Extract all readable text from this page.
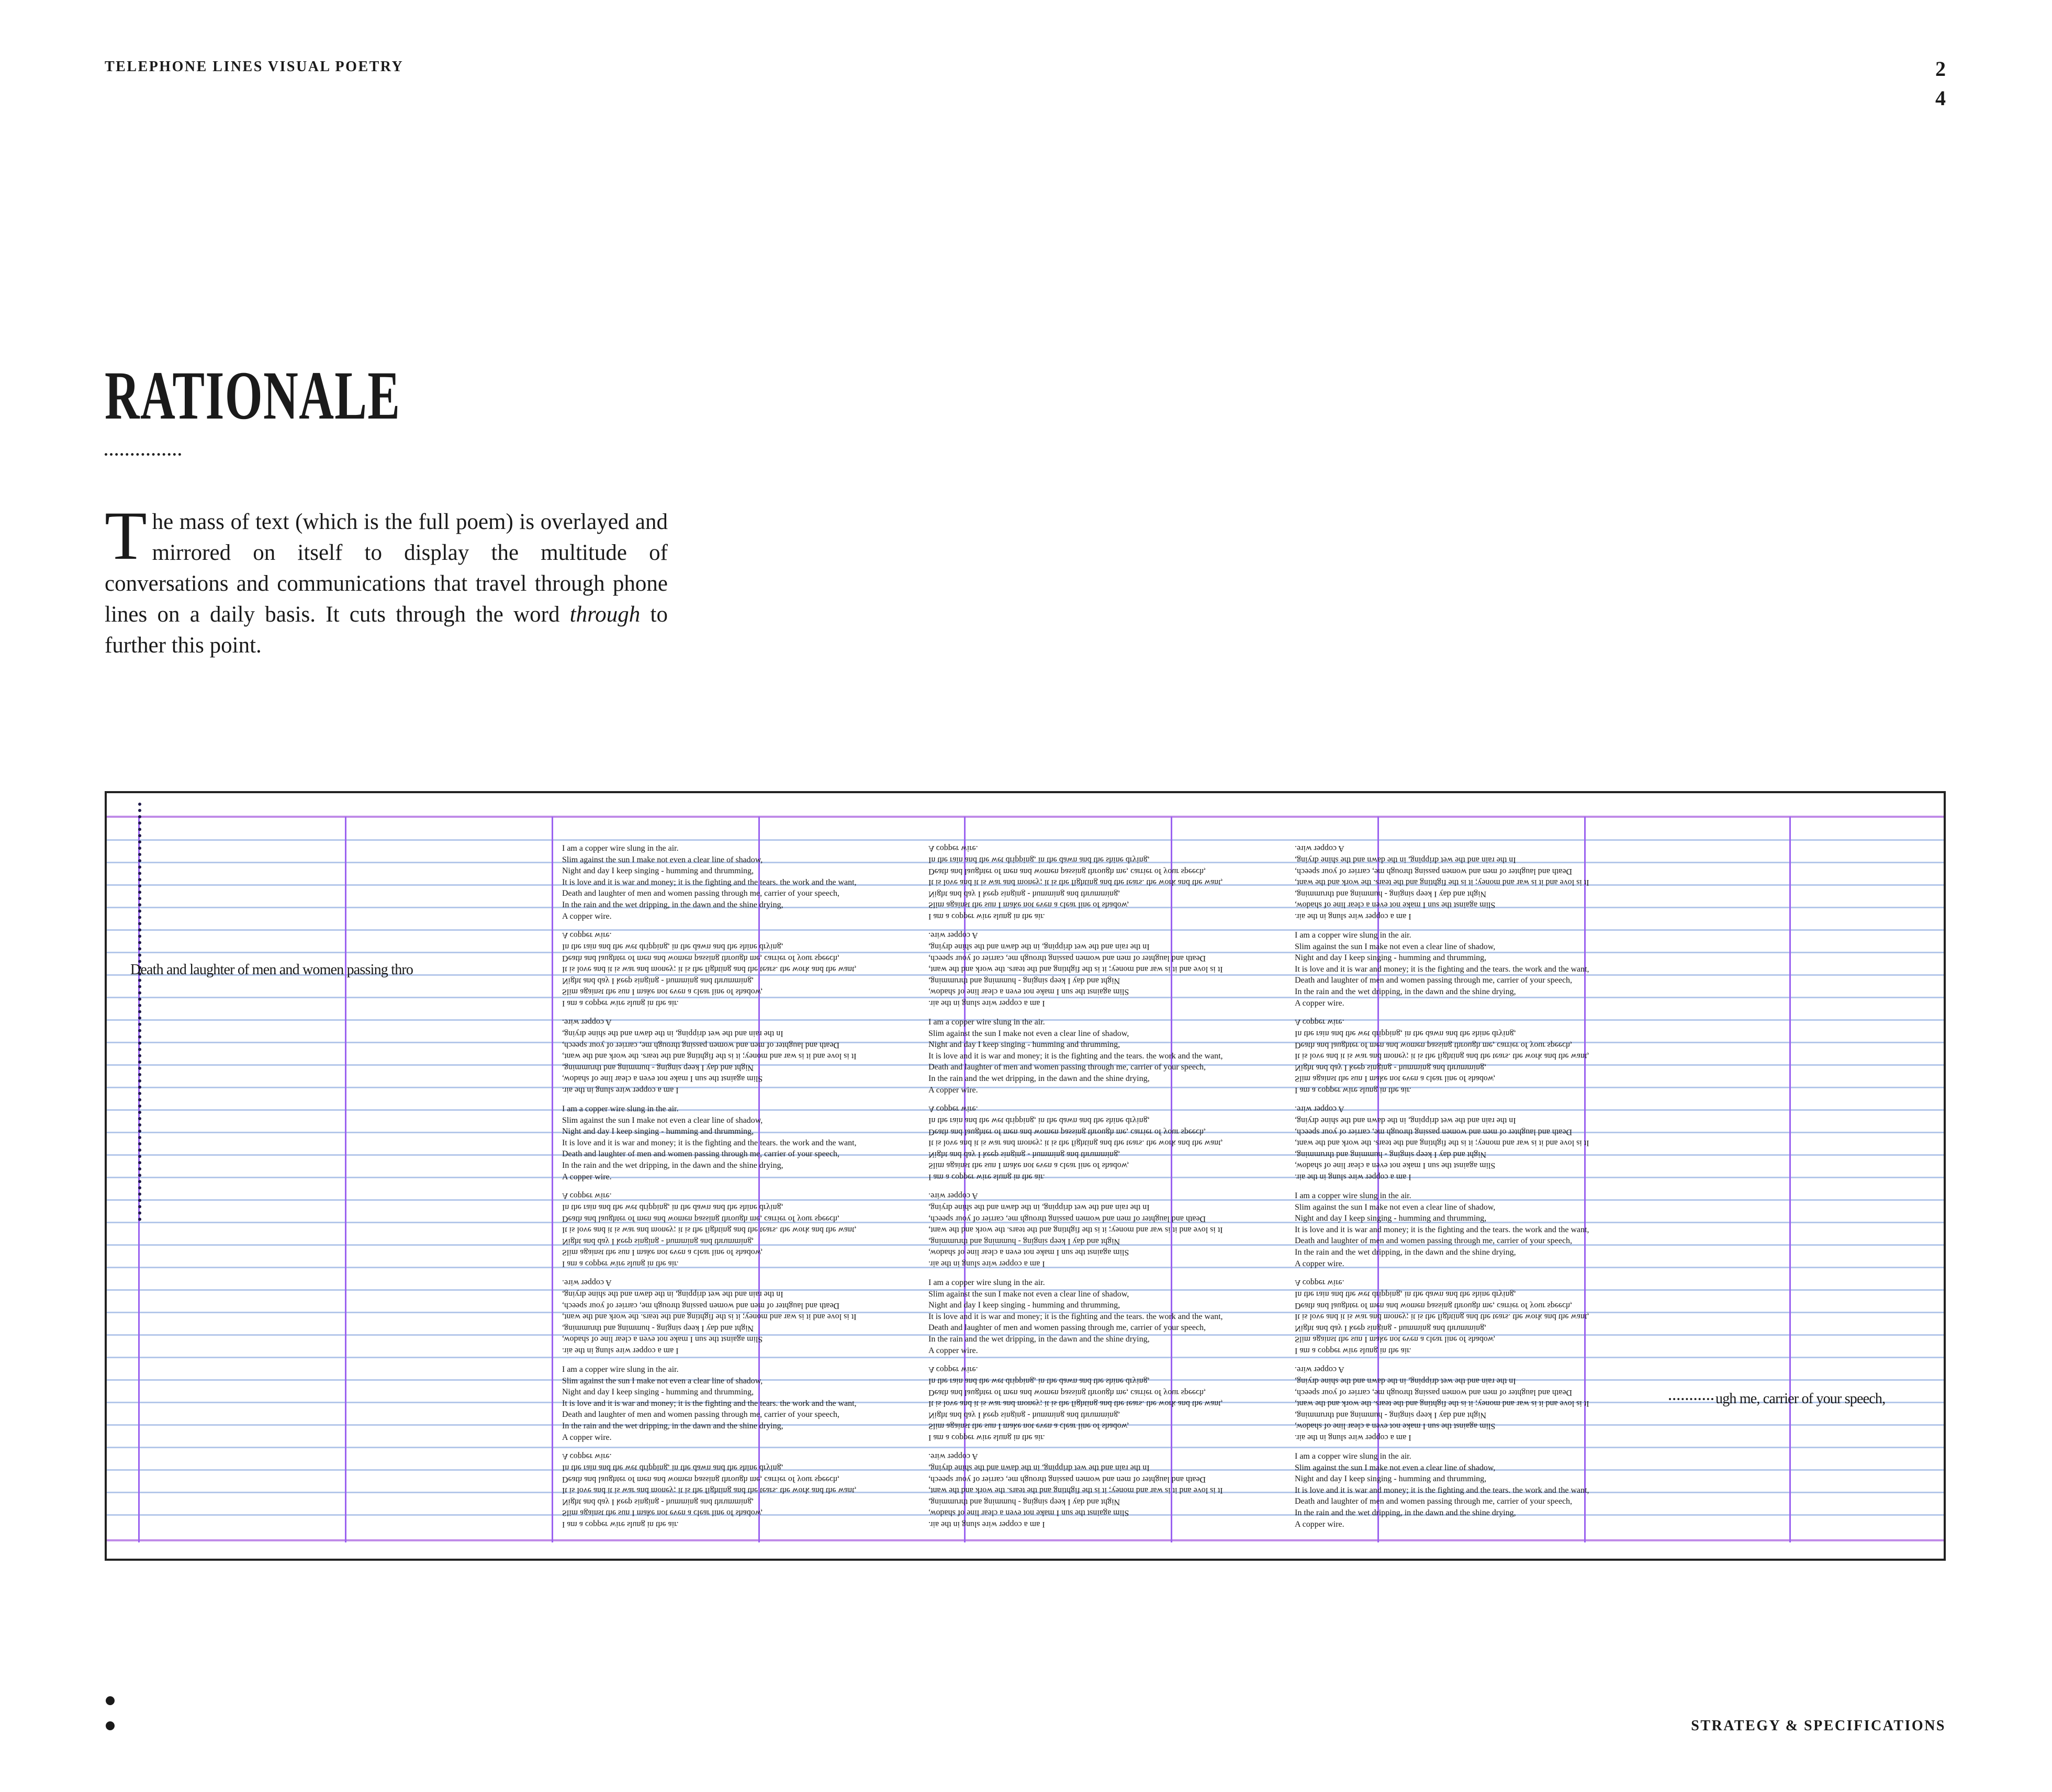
TELEPHONE LINES VISUAL POETRY	2
4
RATIONALE
The mass of text (which is the full poem) is overlayed and mirrored on itself to display the multitude of conversations and communications that travel through phone lines on a daily basis. It cuts through the word through to further this point.
I am a copper wire slung in the air.
Slim against the sun I make not even a clear line of shadow,
Night and day I keep singing - humming and thrumming,
It is love and it is war and money; it is the fighting and the tears. the work and the want,
Death and laughter of men and women passing through me, carrier of your speech,
In the rain and the wet dripping, in the dawn and the shine drying,
A copper wire.	I am a copper wire slung in the air.
Slim against the sun I make not even a clear line of shadow,
Night and day I keep singing - humming and thrumming,
It is love and it is war and money; it is the fighting and the tears. the work and the want,
Death and laughter of men and women passing through me, carrier of your speech,
In the rain and the wet dripping, in the dawn and the shine drying,
A copper wire.
I am a copper wire slung in the air.
Slim against the sun I make not even a clear line of shadow,
Night and day I keep singing - humming and thrumming,
It is love and it is war and money; it is the fighting and the tears. the work and the want,
Death and laughter of men and women passing through me, carrier of your speech,
In the rain and the wet dripping, in the dawn and the shine drying,
A copper wire.
I am a copper wire slung in the air.
Slim against the sun I make not even a clear line of shadow,
Night and day I keep singing - humming and thrumming,
It is love and it is war and money; it is the fighting and the tears. the work and the want,
Death and laughter of men and women passing through me, carrier of your speech,
In the rain and the wet dripping, in the dawn and the shine drying,
A copper wire.
I am a copper wire slung in the air.
Slim against the sun I make not even a clear line of shadow,
Night and day I keep singing - humming and thrumming,
It is love and it is war and money; it is the fighting and the tears. the work and the want,
Death and laughter of men and women passing through me, carrier of your speech,
In the rain and the wet dripping, in the dawn and the shine drying,
A copper wire.	I am a copper wire slung in the air.
Slim against the sun I make not even a clear line of shadow,
Night and day I keep singing - humming and thrumming,
It is love and it is war and money; it is the fighting and the tears. the work and the want,
Death and laughter of men and women passing through me, carrier of your speech,
In the rain and the wet dripping, in the dawn and the shine drying,
A copper wire.
I am a copper wire slung in the air.
Slim against the sun I make not even a clear line of shadow,
Night and day I keep singing - humming and thrumming,
It is love and it is war and money; it is the fighting and the tears. the work and the want,
Death and laughter of men and women passing through me, carrier of your speech,
In the rain and the wet dripping, in the dawn and the shine drying,
A copper wire.	I am a copper wire slung in the air.
Slim against the sun I make not even a clear line of shadow,
Night and day I keep singing - humming and thrumming,
It is love and it is war and money; it is the fighting and the tears. the work and the want,
Death and laughter of men and women passing through me, carrier of your speech,
In the rain and the wet dripping, in the dawn and the shine drying,
A copper wire.	I am a copper wire slung in the air.
Slim against the sun I make not even a clear line of shadow,
Night and day I keep singing - humming and thrumming,
It is love and it is war and money; it is the fighting and the tears. the work and the want,
Death and laughter of men and women passing through me, carrier of your speech,
In the rain and the wet dripping, in the dawn and the shine drying,
A copper wire.
I am a copper wire slung in the air.
Slim against the sun I make not even a clear line of shadow,
Night and day I keep singing - humming and thrumming,
It is love and it is war and money; it is the fighting and the tears. the work and the want,
Death and laughter of men and women passing through me, carrier of your speech,
In the rain and the wet dripping, in the dawn and the shine drying,
A copper wire.	I am a copper wire slung in the air.
Slim against the sun I make not even a clear line of shadow,
Night and day I keep singing - humming and thrumming,
It is love and it is war and money; it is the fighting and the tears. the work and the want,
Death and laughter of men and women passing through me, carrier of your speech,
In the rain and the wet dripping, in the dawn and the shine drying,
A copper wire.
I am a copper wire slung in the air.
Slim against the sun I make not even a clear line of shadow,
Night and day I keep singing - humming and thrumming,
It is love and it is war and money; it is the fighting and the tears. the work and the want,
Death and laughter of men and women passing through me, carrier of your speech,
In the rain and the wet dripping, in the dawn and the shine drying,
A copper wire.
I am a copper wire slung in the air.
Slim against the sun I make not even a clear line of shadow,
Night and day I keep singing - humming and thrumming,
It is love and it is war and money; it is the fighting and the tears. the work and the want,
Death and laughter of men and women passing through me, carrier of your speech,
In the rain and the wet dripping, in the dawn and the shine drying,
A copper wire.
I am a copper wire slung in the air.
Slim against the sun I make not even a clear line of shadow,
Night and day I keep singing - humming and thrumming,
It is love and it is war and money; it is the fighting and the tears. the work and the want,
Death and laughter of men and women passing through me, carrier of your speech,
In the rain and the wet dripping, in the dawn and the shine drying,
A copper wire.	I am a copper wire slung in the air.
Slim against the sun I make not even a clear line of shadow,
Night and day I keep singing - humming and thrumming,
It is love and it is war and money; it is the fighting and the tears. the work and the want,
Death and laughter of men and women passing through me, carrier of your speech,
In the rain and the wet dripping, in the dawn and the shine drying,
A copper wire.
I am a copper wire slung in the air.
Slim against the sun I make not even a clear line of shadow,
Night and day I keep singing - humming and thrumming,
It is love and it is war and money; it is the fighting and the tears. the work and the want,
Death and laughter of men and women passing through me, carrier of your speech,
In the rain and the wet dripping, in the dawn and the shine drying,
A copper wire.	I am a copper wire slung in the air.
Slim against the sun I make not even a clear line of shadow,
Night and day I keep singing - humming and thrumming,
It is love and it is war and money; it is the fighting and the tears. the work and the want,
Death and laughter of men and women passing through me, carrier of your speech,
In the rain and the wet dripping, in the dawn and the shine drying,
A copper wire.	I am a copper wire slung in the air.
Slim against the sun I make not even a clear line of shadow,
Night and day I keep singing - humming and thrumming,
It is love and it is war and money; it is the fighting and the tears. the work and the want,
Death and laughter of men and women passing through me, carrier of your speech,
In the rain and the wet dripping, in the dawn and the shine drying,
A copper wire.
I am a copper wire slung in the air.
Slim against the sun I make not even a clear line of shadow,
Night and day I keep singing - humming and thrumming,
It is love and it is war and money; it is the fighting and the tears. the work and the want,
Death and laughter of men and women passing through me, carrier of your speech,
In the rain and the wet dripping, in the dawn and the shine drying,
A copper wire.	I am a copper wire slung in the air.
Slim against the sun I make not even a clear line of shadow,
Night and day I keep singing - humming and thrumming,
It is love and it is war and money; it is the fighting and the tears. the work and the want,
Death and laughter of men and women passing through me, carrier of your speech,
In the rain and the wet dripping, in the dawn and the shine drying,
A copper wire.
I am a copper wire slung in the air.
Slim against the sun I make not even a clear line of shadow,
Night and day I keep singing - humming and thrumming,
It is love and it is war and money; it is the fighting and the tears. the work and the want,
Death and laughter of men and women passing through me, carrier of your speech,
In the rain and the wet dripping, in the dawn and the shine drying,
A copper wire.
I am a copper wire slung in the air.
Slim against the sun I make not even a clear line of shadow,
Night and day I keep singing - humming and thrumming,
It is love and it is war and money; it is the fighting and the tears. the work and the want,
Death and laughter of men and women passing through me, carrier of your speech,
In the rain and the wet dripping, in the dawn and the shine drying,
A copper wire.
I am a copper wire slung in the air.
Slim against the sun I make not even a clear line of shadow,
Night and day I keep singing - humming and thrumming,
It is love and it is war and money; it is the fighting and the tears. the work and the want,
Death and laughter of men and women passing through me, carrier of your speech,
In the rain and the wet dripping, in the dawn and the shine drying,
A copper wire.	I am a copper wire slung in the air.
Slim against the sun I make not even a clear line of shadow,
Night and day I keep singing - humming and thrumming,
It is love and it is war and money; it is the fighting and the tears. the work and the want,
Death and laughter of men and women passing through me, carrier of your speech,
In the rain and the wet dripping, in the dawn and the shine drying,
A copper wire.
Death and laughter of men and women passing thro
ugh me, carrier of your speech,
STRATEGY & SPECIFICATIONS
